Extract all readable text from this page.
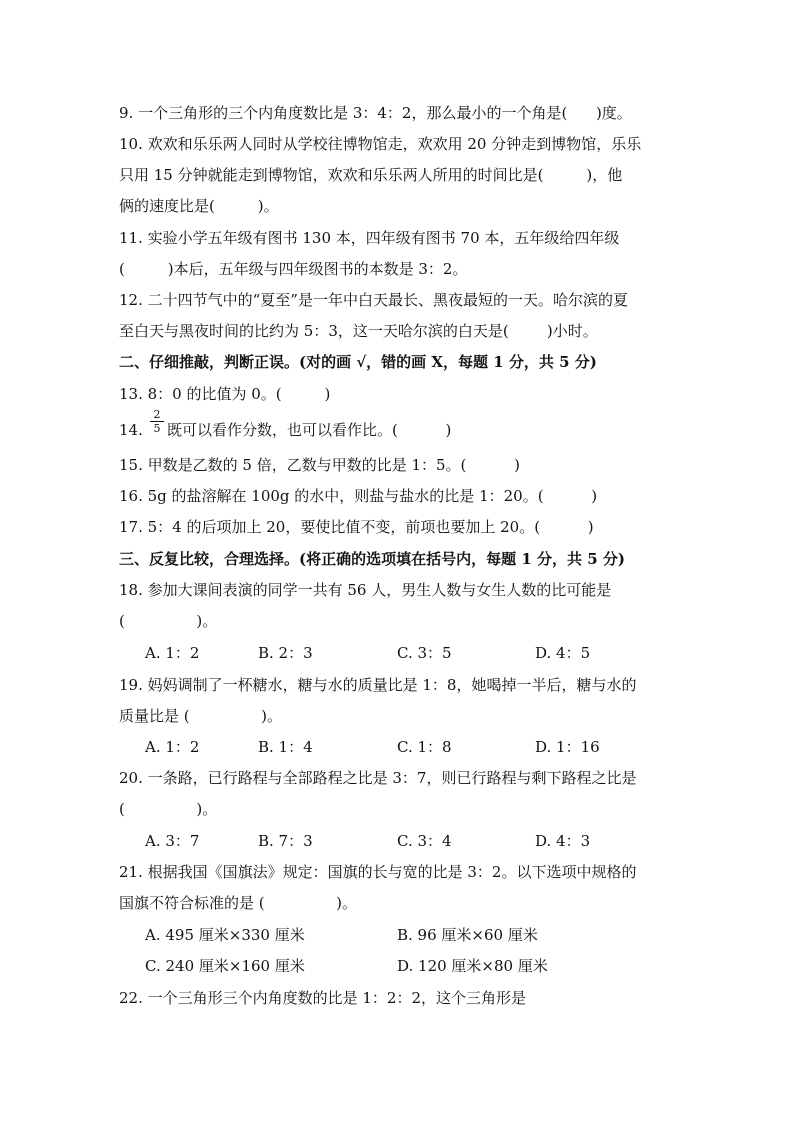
9. 一个三角形的三个内角度数比是 3：4：2，那么最小的一个角是(      )度。
10. 欢欢和乐乐两人同时从学校往博物馆走，欢欢用 20 分钟走到博物馆，乐乐
只用 15 分钟就能走到博物馆，欢欢和乐乐两人所用的时间比是(         )，他
俩的速度比是(         )。
11. 实验小学五年级有图书 130 本，四年级有图书 70 本，五年级给四年级
(         )本后，五年级与四年级图书的本数是 3：2。
12. 二十四节气中的“夏至”是一年中白天最长、黑夜最短的一天。哈尔滨的夏
至白天与黑夜时间的比约为 5：3，这一天哈尔滨的白天是(        )小时。
二、仔细推敲，判断正误。(对的画 √，错的画 X，每题 1 分，共 5 分)
13. 8：0 的比值为 0。(         )
14. $\frac{2}{5}$ 既可以看作分数，也可以看作比。(          )
15. 甲数是乙数的 5 倍，乙数与甲数的比是 1：5。(          )
16. 5g 的盐溶解在 100g 的水中，则盐与盐水的比是 1：20。(          )
17. 5：4 的后项加上 20，要使比值不变，前项也要加上 20。(          )
三、反复比较，合理选择。(将正确的选项填在括号内，每题 1 分，共 5 分)
18. 参加大课间表演的同学一共有 56 人，男生人数与女生人数的比可能是
(               )。
A. 1：2	B. 2：3	C. 3：5	D. 4：5
19. 妈妈调制了一杯糖水，糖与水的质量比是 1：8，她喝掉一半后，糖与水的
质量比是 (               )。
A. 1：2	B. 1：4	C. 1：8	D. 1：16
20. 一条路，已行路程与全部路程之比是 3：7，则已行路程与剩下路程之比是
(               )。
A. 3：7	B. 7：3	C. 3：4	D. 4：3
21. 根据我国《国旗法》规定：国旗的长与宽的比是 3：2。以下选项中规格的
国旗不符合标准的是 (               )。
A. 495 厘米×330 厘米	B. 96 厘米×60 厘米
C. 240 厘米×160 厘米	D. 120 厘米×80 厘米
22. 一个三角形三个内角度数的比是 1：2：2，这个三角形是
